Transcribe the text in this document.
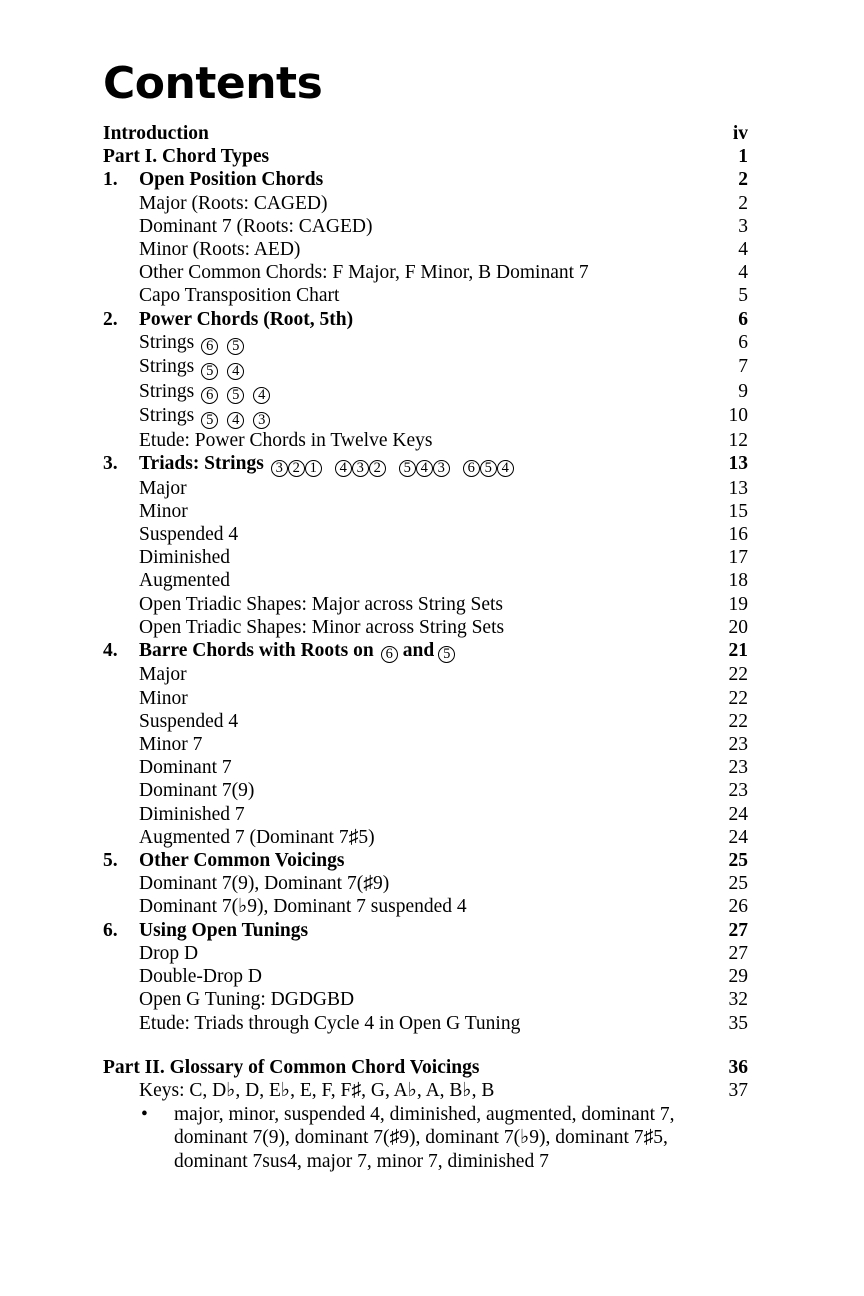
Contents
Introduction	iv
Part I. Chord Types	1
1.	Open Position Chords	2
Major (Roots: CAGED)	2
Dominant 7 (Roots: CAGED)	3
Minor (Roots: AED)	4
Other Common Chords: F Major, F Minor, B Dominant 7	4
Capo Transposition Chart	5
2.	Power Chords (Root, 5th)	6
Strings 6 5	6
Strings 5 4	7
Strings 6 5 4	9
Strings 5 4 3	10
Etude: Power Chords in Twelve Keys	12
3.	Triads: Strings 3 2 1 4 3 2 5 4 3 6 5 4	13
Major	13
Minor	15
Suspended 4	16
Diminished	17
Augmented	18
Open Triadic Shapes: Major across String Sets	19
Open Triadic Shapes: Minor across String Sets	20
4.	Barre Chords with Roots on 6 and 5	21
Major	22
Minor	22
Suspended 4	22
Minor 7	23
Dominant 7	23
Dominant 7(9)	23
Diminished 7	24
Augmented 7 (Dominant 7♯5)	24
5.	Other Common Voicings	25
Dominant 7(9), Dominant 7(♯9)	25
Dominant 7(♭9), Dominant 7 suspended 4	26
6.	Using Open Tunings	27
Drop D	27
Double-Drop D	29
Open G Tuning: DGDGBD	32
Etude: Triads through Cycle 4 in Open G Tuning	35
Part II. Glossary of Common Chord Voicings	36
Keys: C, D♭, D, E♭, E, F, F♯, G, A♭, A, B♭, B	37
•	major, minor, suspended 4, diminished, augmented, dominant 7, dominant 7(9), dominant 7(♯9), dominant 7(♭9), dominant 7♯5, dominant 7sus4, major 7, minor 7, diminished 7
